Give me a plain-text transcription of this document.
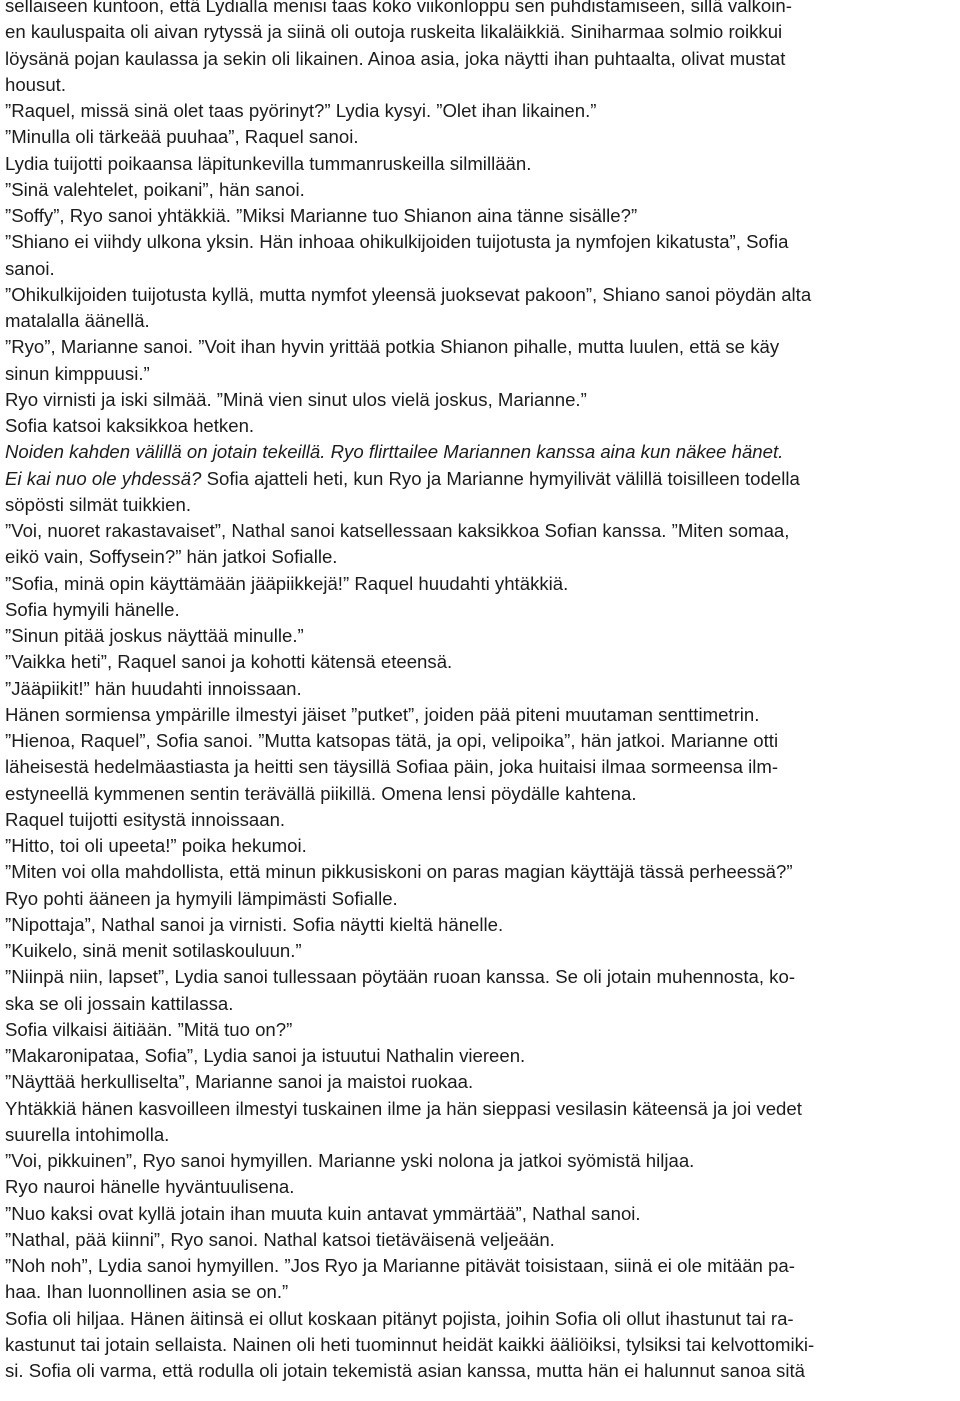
sellaiseen kuntoon, että Lydialla menisi taas koko viikonloppu sen puhdistamiseen, sillä valkoin-
en kauluspaita oli aivan rytyssä ja siinä oli outoja ruskeita likaläikkiä. Siniharmaa solmio roikkui
löysänä pojan kaulassa ja sekin oli likainen. Ainoa asia, joka näytti ihan puhtaalta, olivat mustat
housut.
”Raquel, missä sinä olet taas pyörinyt?” Lydia kysyi. ”Olet ihan likainen.”
”Minulla oli tärkeää puuhaa”, Raquel sanoi.
Lydia tuijotti poikaansa läpitunkevilla tummanruskeilla silmillään.
”Sinä valehtelet, poikani”, hän sanoi.
”Soffy”, Ryo sanoi yhtäkkiä. ”Miksi Marianne tuo Shianon aina tänne sisälle?”
”Shiano ei viihdy ulkona yksin. Hän inhoaa ohikulkijoiden tuijotusta ja nymfojen kikatusta”, Sofia
sanoi.
”Ohikulkijoiden tuijotusta kyllä, mutta nymfot yleensä juoksevat pakoon”, Shiano sanoi pöydän alta
matalalla äänellä.
”Ryo”, Marianne sanoi. ”Voit ihan hyvin yrittää potkia Shianon pihalle, mutta luulen, että se käy
sinun kimppuusi.”
Ryo virnisti ja iski silmää. ”Minä vien sinut ulos vielä joskus, Marianne.”
Sofia katsoi kaksikkoa hetken.
Noiden kahden välillä on jotain tekeillä. Ryo flirttailee Mariannen kanssa aina kun näkee hänet.
Ei kai nuo ole yhdessä? Sofia ajatteli heti, kun Ryo ja Marianne hymyilivät välillä toisilleen todella
söpösti silmät tuikkien.
”Voi, nuoret rakastavaiset”, Nathal sanoi katsellessaan kaksikkoa Sofian kanssa. ”Miten somaa,
eikö vain, Soffysein?” hän jatkoi Sofialle.
”Sofia, minä opin käyttämään jääpiikkejä!” Raquel huudahti yhtäkkiä.
Sofia hymyili hänelle.
”Sinun pitää joskus näyttää minulle.”
”Vaikka heti”, Raquel sanoi ja kohotti kätensä eteensä.
”Jääpiikit!” hän huudahti innoissaan.
Hänen sormiensa ympärille ilmestyi jäiset ”putket”, joiden pää piteni muutaman senttimetrin.
”Hienoa, Raquel”, Sofia sanoi. ”Mutta katsopas tätä, ja opi, velipoika”, hän jatkoi. Marianne otti
läheisestä hedelmäastiasta ja heitti sen täysillä Sofiaa päin, joka huitaisi ilmaa sormeensa ilm-
estyneellä kymmenen sentin terävällä piikillä. Omena lensi pöydälle kahtena.
Raquel tuijotti esitystä innoissaan.
”Hitto, toi oli upeeta!” poika hekumoi.
”Miten voi olla mahdollista, että minun pikkusiskoni on paras magian käyttäjä tässä perheessä?”
Ryo pohti ääneen ja hymyili lämpimästi Sofialle.
”Nipottaja”, Nathal sanoi ja virnisti. Sofia näytti kieltä hänelle.
”Kuikelo, sinä menit sotilaskouluun.”
”Niinpä niin, lapset”, Lydia sanoi tullessaan pöytään ruoan kanssa. Se oli jotain muhennosta, ko-
ska se oli jossain kattilassa.
Sofia vilkaisi äitiään. ”Mitä tuo on?”
”Makaronipataa, Sofia”, Lydia sanoi ja istuutui Nathalin viereen.
”Näyttää herkulliselta”, Marianne sanoi ja maistoi ruokaa.
Yhtäkkiä hänen kasvoilleen ilmestyi tuskainen ilme ja hän sieppasi vesilasin käteensä ja joi vedet
suurella intohimolla.
”Voi, pikkuinen”, Ryo sanoi hymyillen. Marianne yski nolona ja jatkoi syömistä hiljaa.
Ryo nauroi hänelle hyväntuulisena.
”Nuo kaksi ovat kyllä jotain ihan muuta kuin antavat ymmärtää”, Nathal sanoi.
”Nathal, pää kiinni”, Ryo sanoi. Nathal katsoi tietäväisenä veljeään.
”Noh noh”, Lydia sanoi hymyillen. ”Jos Ryo ja Marianne pitävät toisistaan, siinä ei ole mitään pa-
haa. Ihan luonnollinen asia se on.”
Sofia oli hiljaa. Hänen äitinsä ei ollut koskaan pitänyt pojista, joihin Sofia oli ollut ihastunut tai ra-
kastunut tai jotain sellaista. Nainen oli heti tuominnut heidät kaikki ääliöiksi, tylsiksi tai kelvottomiki-
si. Sofia oli varma, että rodulla oli jotain tekemistä asian kanssa, mutta hän ei halunnut sanoa sitä
